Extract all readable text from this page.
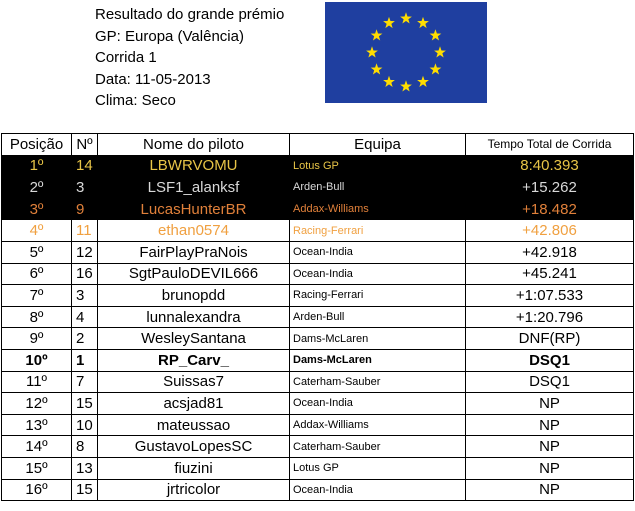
Resultado do grande prémio
GP: Europa (Valência)
Corrida 1
Data: 11-05-2013
Clima: Seco
Posição	Nº	Nome do piloto	Equipa	Tempo Total de Corrida
1º	14	LBWRVOMU	Lotus GP	8:40.393
2º	3	LSF1_alanksf	Arden-Bull	+15.262
3º	9	LucasHunterBR	Addax-Williams	+18.482
4º	11	ethan0574	Racing-Ferrari	+42.806
5º	12	FairPlayPraNois	Ocean-India	+42.918
6º	16	SgtPauloDEVIL666	Ocean-India	+45.241
7º	3	brunopdd	Racing-Ferrari	+1:07.533
8º	4	lunnalexandra	Arden-Bull	+1:20.796
9º	2	WesleySantana	Dams-McLaren	DNF(RP)
10º	1	RP_Carv_	Dams-McLaren	DSQ1
11º	7	Suissas7	Caterham-Sauber	DSQ1
12º	15	acsjad81	Ocean-India	NP
13º	10	mateussao	Addax-Williams	NP
14º	8	GustavoLopesSC	Caterham-Sauber	NP
15º	13	fiuzini	Lotus GP	NP
16º	15	jrtricolor	Ocean-India	NP
